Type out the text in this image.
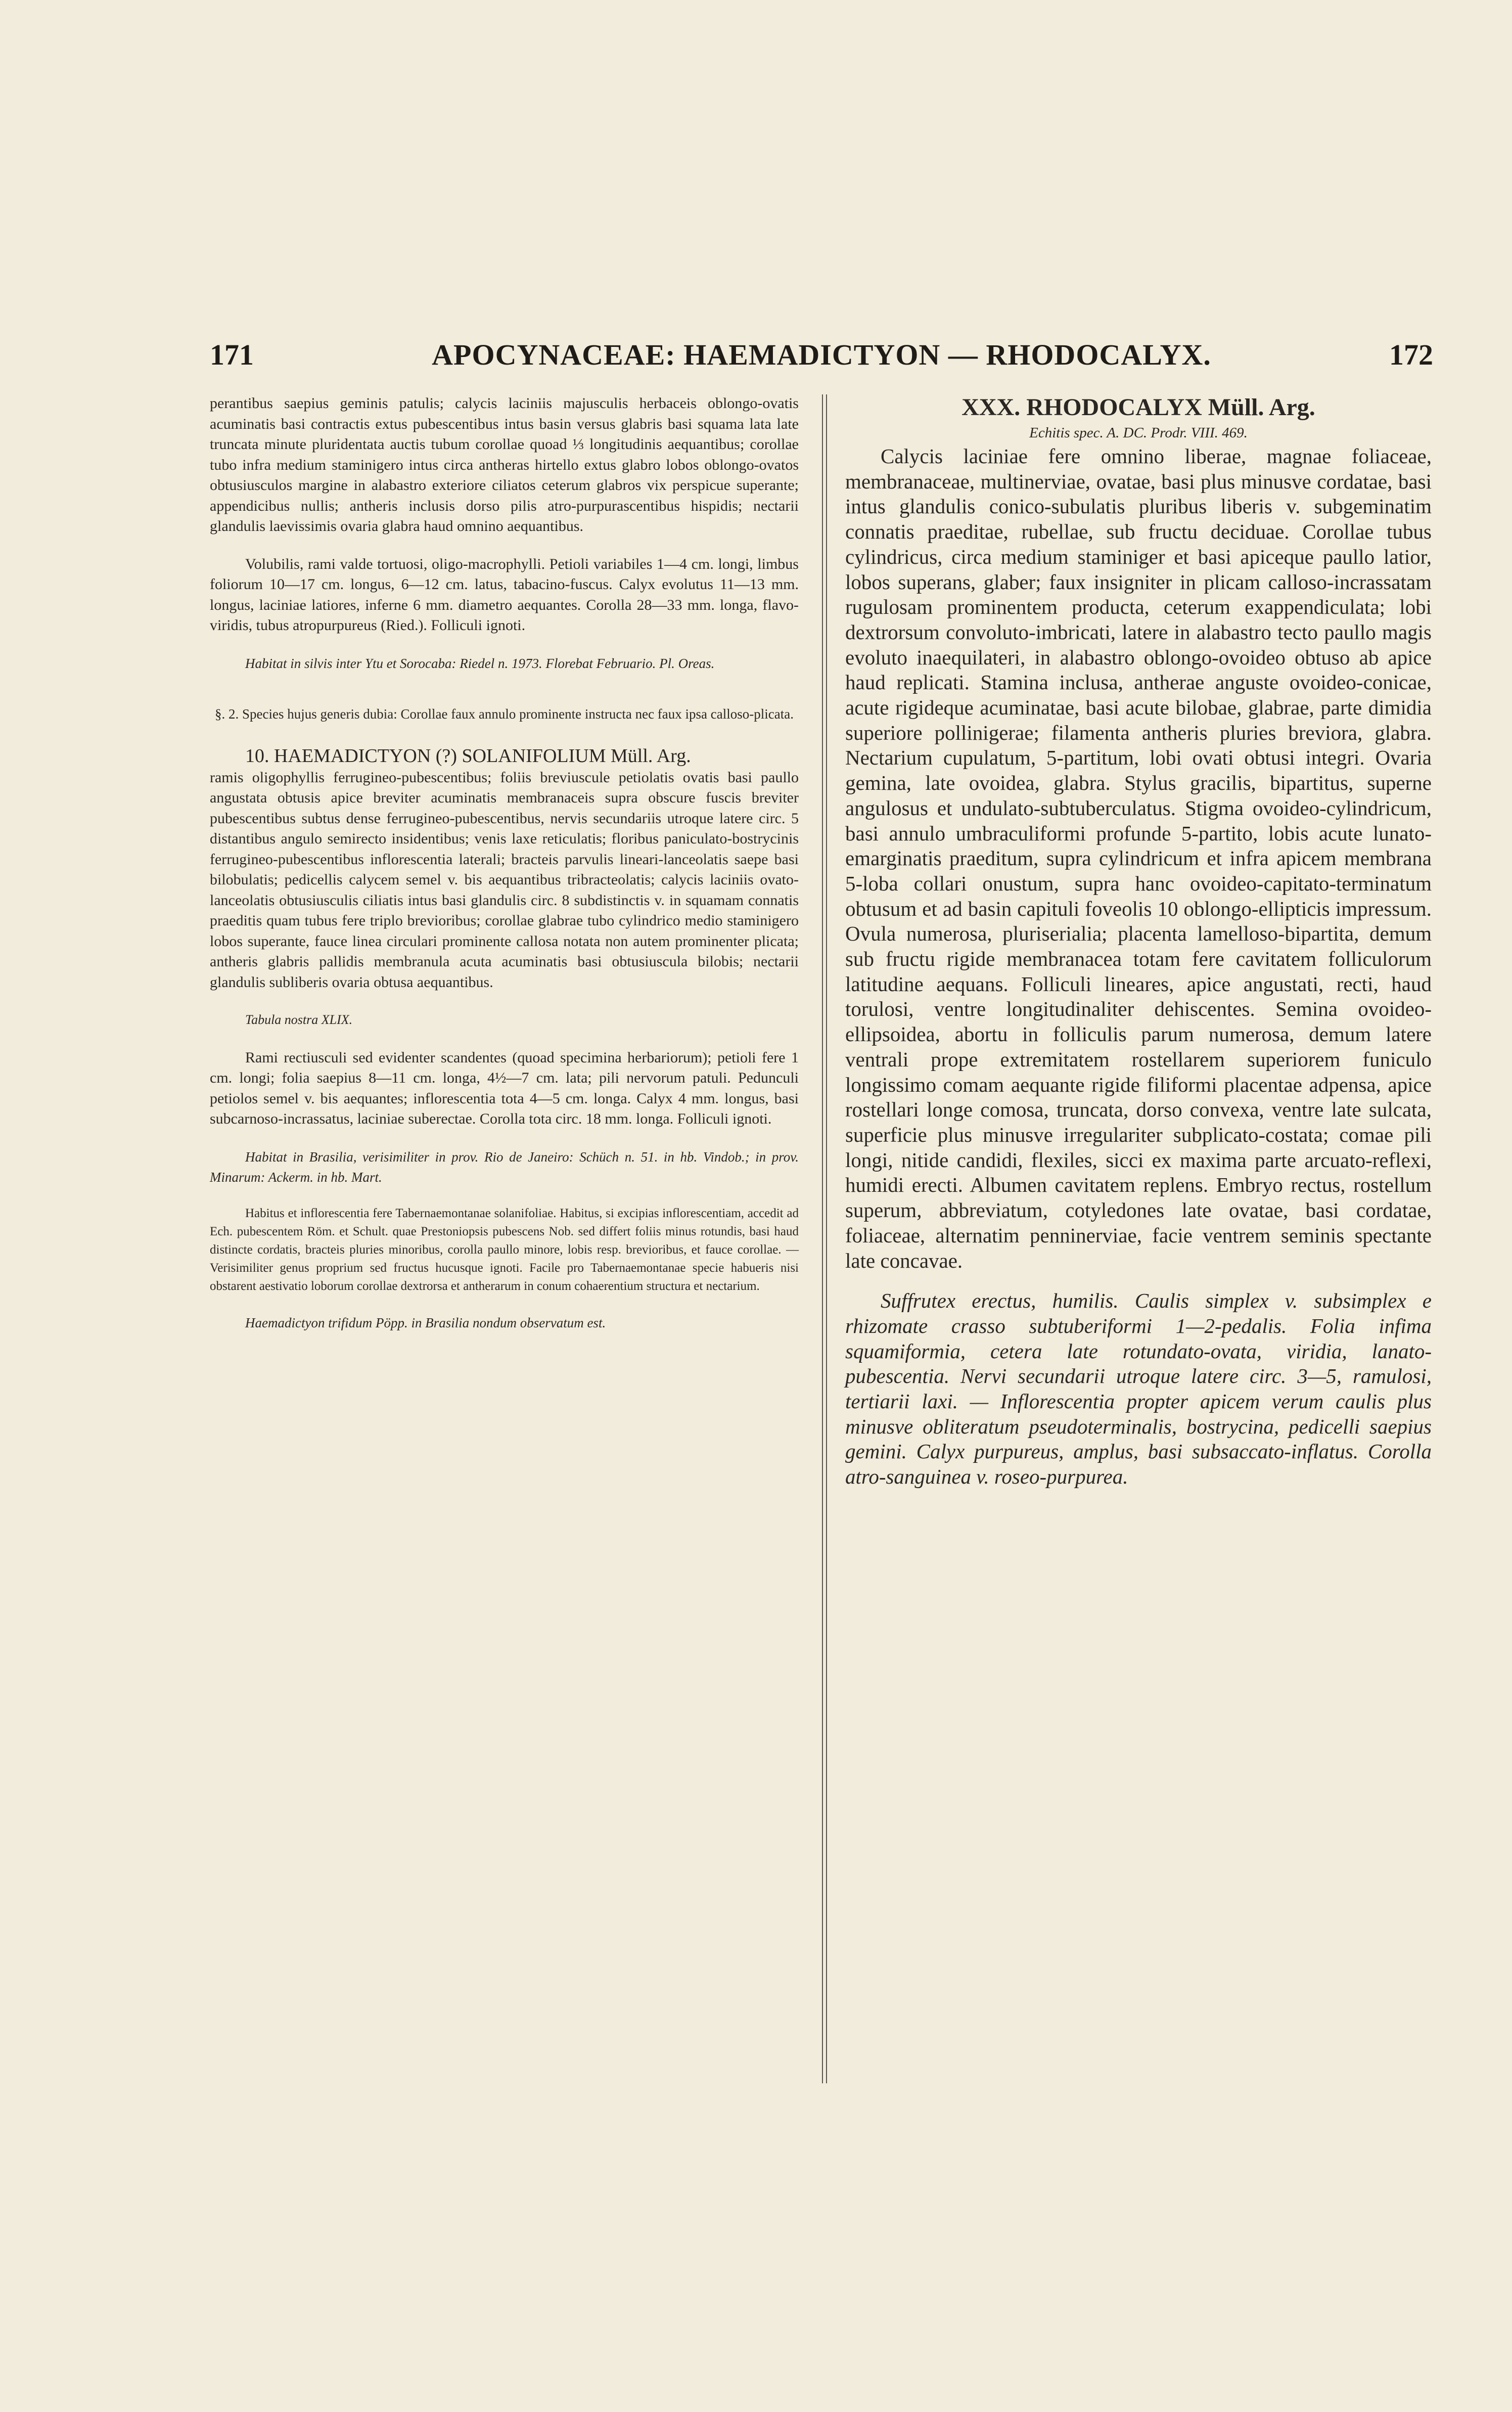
171	APOCYNACEAE: HAEMADICTYON — RHODOCALYX.	172

perantibus saepius geminis patulis; calycis laciniis majusculis herbaceis oblongo-ovatis acuminatis basi contractis extus pubescentibus intus basin versus glabris basi squama lata late truncata minute pluridentata auctis tubum corollae quoad ⅓ longitudinis aequantibus; corollae tubo infra medium staminigero intus circa antheras hirtello extus glabro lobos oblongo-ovatos obtusiusculos margine in alabastro exteriore ciliatos ceterum glabros vix perspicue superante; appendicibus nullis; antheris inclusis dorso pilis atro-purpurascentibus hispidis; nectarii glandulis laevissimis ovaria glabra haud omnino aequantibus.

Volubilis, rami valde tortuosi, oligo-macrophylli. Petioli variabiles 1—4 cm. longi, limbus foliorum 10—17 cm. longus, 6—12 cm. latus, tabacino-fuscus. Calyx evolutus 11—13 mm. longus, laciniae latiores, inferne 6 mm. diametro aequantes. Corolla 28—33 mm. longa, flavo-viridis, tubus atropurpureus (Ried.). Folliculi ignoti.

Habitat in silvis inter Ytu et Sorocaba: Riedel n. 1973. Florebat Februario. Pl. Oreas.

§. 2. Species hujus generis dubia: Corollae faux annulo prominente instructa nec faux ipsa calloso-plicata.

10. HAEMADICTYON (?) SOLANIFOLIUM Müll. Arg.

ramis oligophyllis ferrugineo-pubescentibus; foliis breviuscule petiolatis ovatis basi paullo angustata obtusis apice breviter acuminatis membranaceis supra obscure fuscis breviter pubescentibus subtus dense ferrugineo-pubescentibus, nervis secundariis utroque latere circ. 5 distantibus angulo semirecto insidentibus; venis laxe reticulatis; floribus paniculato-bostrycinis ferrugineo-pubescentibus inflorescentia laterali; bracteis parvulis lineari-lanceolatis saepe basi bilobulatis; pedicellis calycem semel v. bis aequantibus tribracteolatis; calycis laciniis ovato-lanceolatis obtusiusculis ciliatis intus basi glandulis circ. 8 subdistinctis v. in squamam connatis praeditis quam tubus fere triplo brevioribus; corollae glabrae tubo cylindrico medio staminigero lobos superante, fauce linea circulari prominente callosa notata non autem prominenter plicata; antheris glabris pallidis membranula acuta acuminatis basi obtusiuscula bilobis; nectarii glandulis subliberis ovaria obtusa aequantibus.

Tabula nostra XLIX.

Rami rectiusculi sed evidenter scandentes (quoad specimina herbariorum); petioli fere 1 cm. longi; folia saepius 8—11 cm. longa, 4½—7 cm. lata; pili nervorum patuli. Pedunculi petiolos semel v. bis aequantes; inflorescentia tota 4—5 cm. longa. Calyx 4 mm. longus, basi subcarnoso-incrassatus, laciniae suberectae. Corolla tota circ. 18 mm. longa. Folliculi ignoti.

Habitat in Brasilia, verisimiliter in prov. Rio de Janeiro: Schüch n. 51. in hb. Vindob.; in prov. Minarum: Ackerm. in hb. Mart.

Habitus et inflorescentia fere Tabernaemontanae solanifoliae. Habitus, si excipias inflorescentiam, accedit ad Ech. pubescentem Röm. et Schult. quae Prestoniopsis pubescens Nob. sed differt foliis minus rotundis, basi haud distincte cordatis, bracteis pluries minoribus, corolla paullo minore, lobis resp. brevioribus, et fauce corollae. — Verisimiliter genus proprium sed fructus hucusque ignoti. Facile pro Tabernaemontanae specie habueris nisi obstarent aestivatio loborum corollae dextrorsa et antherarum in conum cohaerentium structura et nectarium.

Haemadictyon trifidum Pöpp. in Brasilia nondum observatum est.

XXX. RHODOCALYX Müll. Arg.

Echitis spec. A. DC. Prodr. VIII. 469.

Calycis laciniae fere omnino liberae, magnae foliaceae, membranaceae, multinerviae, ovatae, basi plus minusve cordatae, basi intus glandulis conico-subulatis pluribus liberis v. subgeminatim connatis praeditae, rubellae, sub fructu deciduae. Corollae tubus cylindricus, circa medium staminiger et basi apiceque paullo latior, lobos superans, glaber; faux insigniter in plicam calloso-incrassatam rugulosam prominentem producta, ceterum exappendiculata; lobi dextrorsum convoluto-imbricati, latere in alabastro tecto paullo magis evoluto inaequilateri, in alabastro oblongo-ovoideo obtuso ab apice haud replicati. Stamina inclusa, antherae anguste ovoideo-conicae, acute rigideque acuminatae, basi acute bilobae, glabrae, parte dimidia superiore pollinigerae; filamenta antheris pluries breviora, glabra. Nectarium cupulatum, 5-partitum, lobi ovati obtusi integri. Ovaria gemina, late ovoidea, glabra. Stylus gracilis, bipartitus, superne angulosus et undulato-subtuberculatus. Stigma ovoideo-cylindricum, basi annulo umbraculiformi profunde 5-partito, lobis acute lunato-emarginatis praeditum, supra cylindricum et infra apicem membrana 5-loba collari onustum, supra hanc ovoideo-capitato-terminatum obtusum et ad basin capituli foveolis 10 oblongo-ellipticis impressum. Ovula numerosa, pluriserialia; placenta lamelloso-bipartita, demum sub fructu rigide membranacea totam fere cavitatem folliculorum latitudine aequans. Folliculi lineares, apice angustati, recti, haud torulosi, ventre longitudinaliter dehiscentes. Semina ovoideo-ellipsoidea, abortu in folliculis parum numerosa, demum latere ventrali prope extremitatem rostellarem superiorem funiculo longissimo comam aequante rigide filiformi placentae adpensa, apice rostellari longe comosa, truncata, dorso convexa, ventre late sulcata, superficie plus minusve irregulariter subplicato-costata; comae pili longi, nitide candidi, flexiles, sicci ex maxima parte arcuato-reflexi, humidi erecti. Albumen cavitatem replens. Embryo rectus, rostellum superum, abbreviatum, cotyledones late ovatae, basi cordatae, foliaceae, alternatim penninerviae, facie ventrem seminis spectante late concavae.

Suffrutex erectus, humilis. Caulis simplex v. subsimplex e rhizomate crasso subtuberiformi 1—2-pedalis. Folia infima squamiformia, cetera late rotundato-ovata, viridia, lanato-pubescentia. Nervi secundarii utroque latere circ. 3—5, ramulosi, tertiarii laxi. — Inflorescentia propter apicem verum caulis plus minusve obliteratum pseudoterminalis, bostrycina, pedicelli saepius gemini. Calyx purpureus, amplus, basi subsaccato-inflatus. Corolla atro-sanguinea v. roseo-purpurea.
